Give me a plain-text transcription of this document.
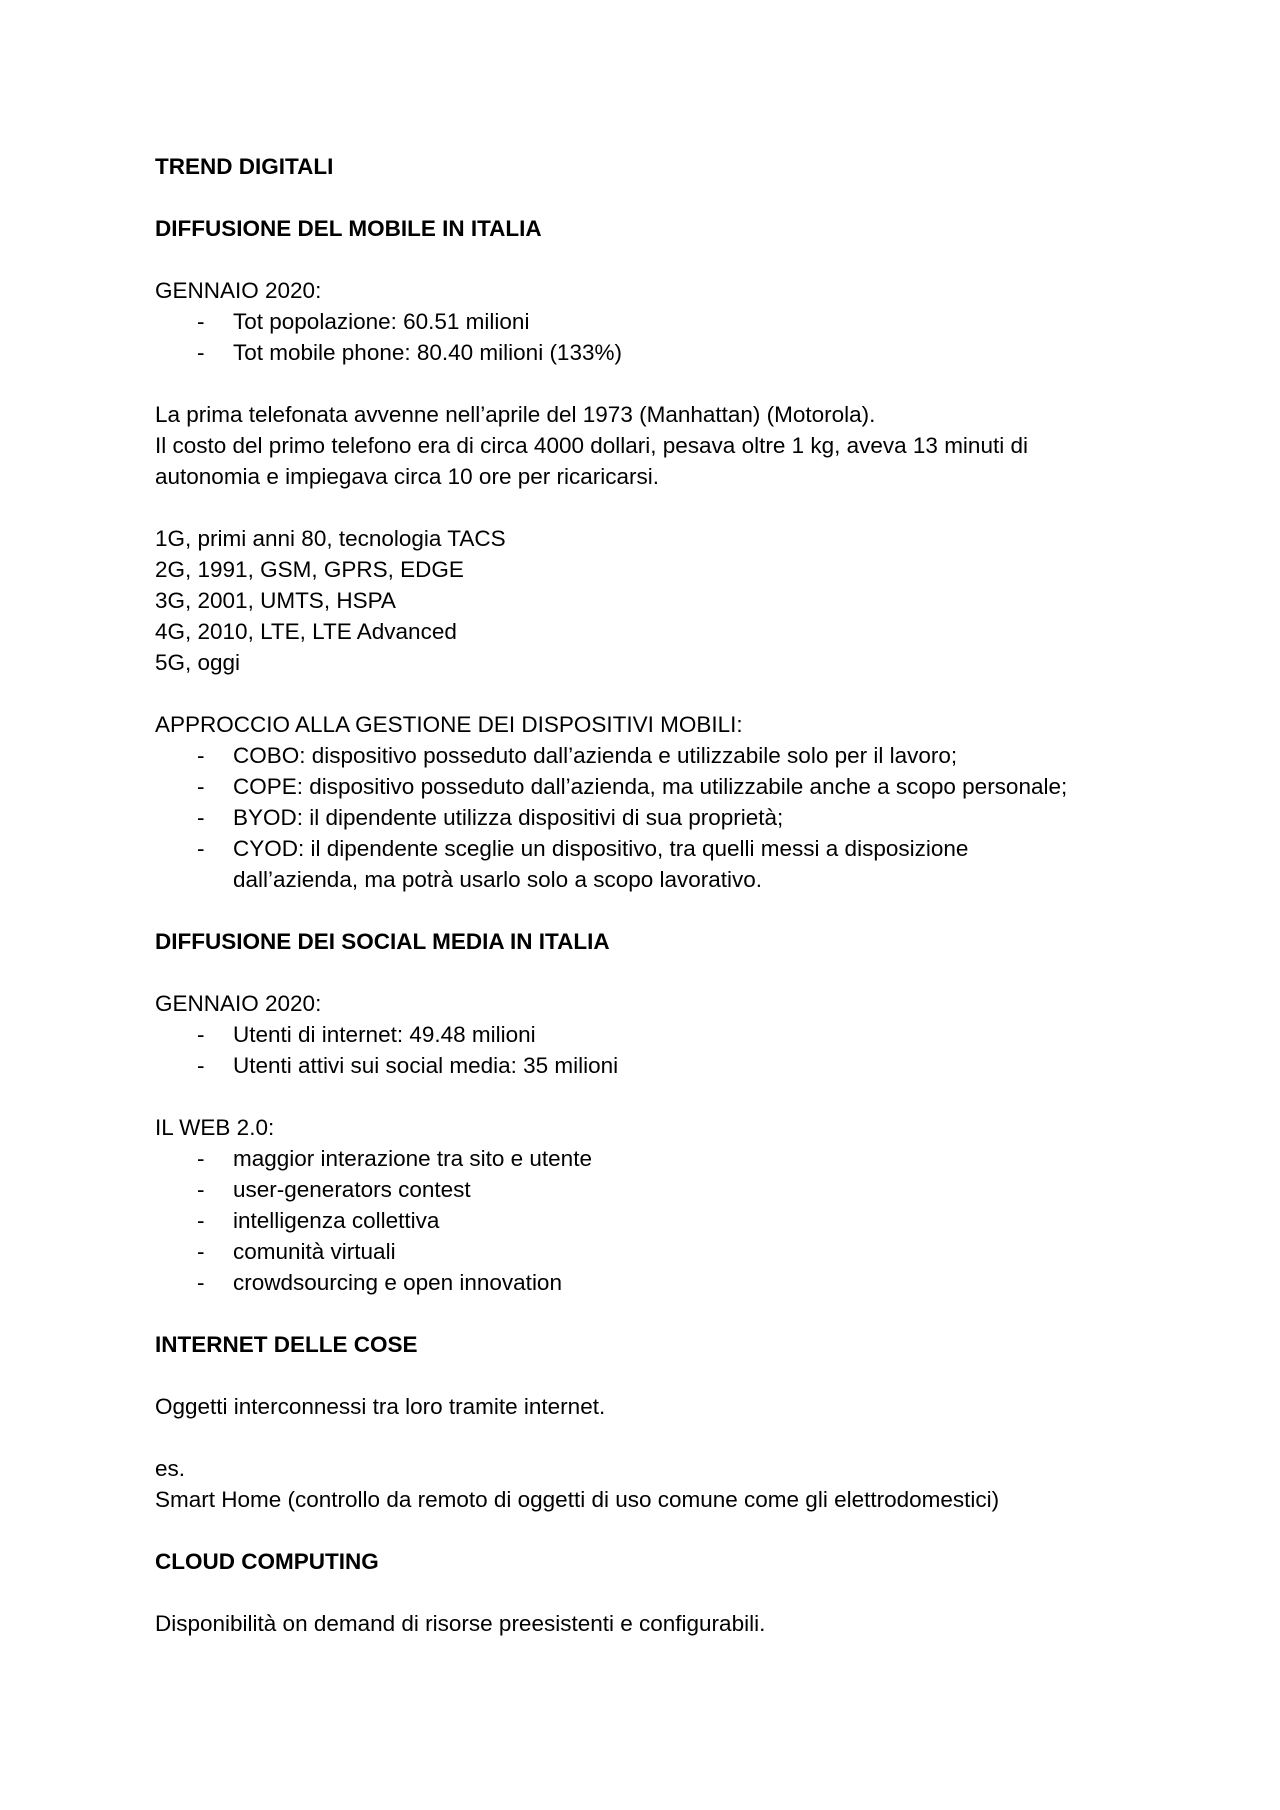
TREND DIGITALI

DIFFUSIONE DEL MOBILE IN ITALIA

GENNAIO 2020:

- Tot popolazione: 60.51 milioni
- Tot mobile phone: 80.40 milioni (133%)

La prima telefonata avvenne nell’aprile del 1973 (Manhattan) (Motorola).

Il costo del primo telefono era di circa 4000 dollari, pesava oltre 1 kg, aveva 13 minuti di

autonomia e impiegava circa 10 ore per ricaricarsi.

1G, primi anni 80, tecnologia TACS

2G, 1991, GSM, GPRS, EDGE

3G, 2001, UMTS, HSPA

4G, 2010, LTE, LTE Advanced

5G, oggi

APPROCCIO ALLA GESTIONE DEI DISPOSITIVI MOBILI:

- COBO: dispositivo posseduto dall’azienda e utilizzabile solo per il lavoro;
- COPE: dispositivo posseduto dall’azienda, ma utilizzabile anche a scopo personale;
- BYOD: il dipendente utilizza dispositivi di sua proprietà;
- CYOD: il dipendente sceglie un dispositivo, tra quelli messi a disposizione dall’azienda, ma potrà usarlo solo a scopo lavorativo.

DIFFUSIONE DEI SOCIAL MEDIA IN ITALIA

GENNAIO 2020:

- Utenti di internet: 49.48 milioni
- Utenti attivi sui social media: 35 milioni

IL WEB 2.0:

- maggior interazione tra sito e utente
- user-generators contest
- intelligenza collettiva
- comunità virtuali
- crowdsourcing e open innovation

INTERNET DELLE COSE

Oggetti interconnessi tra loro tramite internet.

es.

Smart Home (controllo da remoto di oggetti di uso comune come gli elettrodomestici)

CLOUD COMPUTING

Disponibilità on demand di risorse preesistenti e configurabili.
